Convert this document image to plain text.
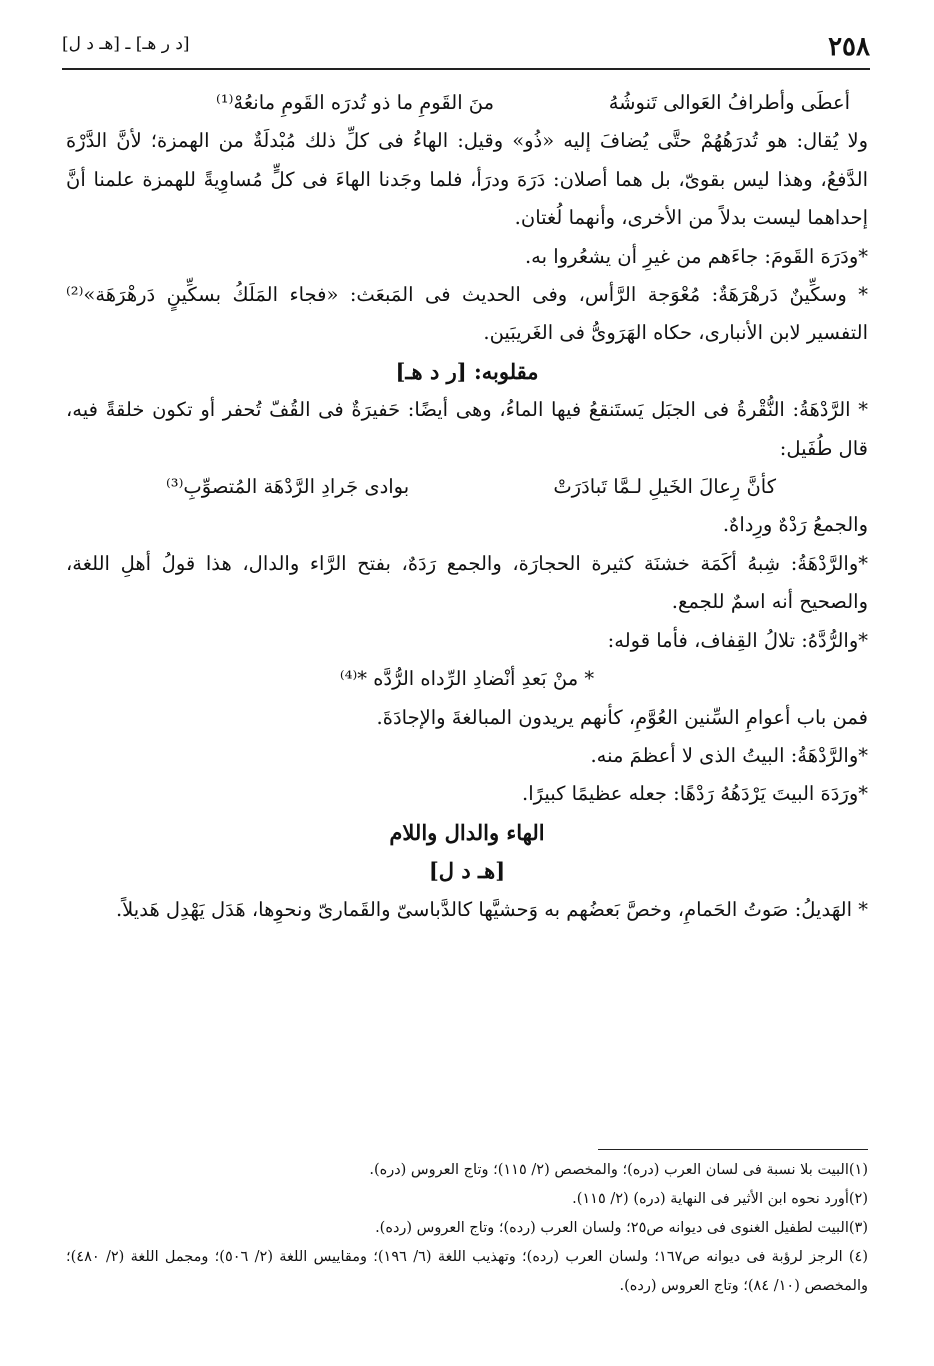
٢٥٨
[د ر هـ] ـ [هـ د ل]
أعطَى وأطرافُ العَوالى تَنوشُهُ
منَ القَومِ ما ذو تُدرَه القَومِ مانعُهْ⁽¹⁾

ولا يُقال: هو تُدرَهُهُمْ حتَّى يُضافَ إليه «ذُو» وقيل: الهاءُ فى كلِّ ذلك مُبْدلَةٌ من الهمزة؛ لأنَّ الدَّرْهَ الدَّفعُ، وهذا ليس بقوىّ، بل هما أصلان: دَرَهَ ودرَأ، فلما وجَدنا الهاءَ فى كلٍّ مُساوِيةً للهمزة علمنا أنَّ إحداهما ليست بدلاً من الأخرى، وأنهما لُغتان.

*ودَرَهَ القَومَ: جاءَهم من غيرِ أن يشعُروا به.

* وسكِّينٌ دَرهْرَهَةٌ: مُعْوَجة الرَّأس، وفى الحديث فى المَبعَث: «فجاء المَلَكُ بسكِّينٍ دَرهْرَهَة»⁽²⁾ التفسير لابن الأنبارى، حكاه الهَرَوىُّ فى الغَريبَين.

مقلوبه: [ر د هـ]

* الرَّدْهَةُ: النُّقْرةُ فى الجبَل يَستَنقعُ فيها الماءُ، وهى أيضًا: حَفيرَةٌ فى القُفّ تُحفر أو تكون خلقةً فيه، قال طُفَيل:

كأنَّ رِعالَ الخَيلِ لـمَّا تَبادَرَتْ
بوادى جَرادِ الرَّدْهَة المُتصوِّبِ⁽³⁾

والجمعُ رَدْهٌ ورِداهٌ.

*والرَّدْهَةُ: شِبهُ أكَمَة خشنَة كثيرة الحجارَة، والجمع رَدَهٌ، بفتح الرَّاء والدال، هذا قولُ أهلِ اللغة، والصحيح أنه اسمٌ للجمع.

*والرُّدَّهُ: تلالُ القِفاف، فأما قوله:

* منْ بَعدِ أنْضادِ الرِّداه الرُّدَّه *⁽⁴⁾

فمن باب أعوامِ السِّنين العُوَّمِ، كأنهم يريدون المبالغةَ والإجادَةَ.

*والرَّدْهَةُ: البيتُ الذى لا أعظمَ منه.

*ورَدَهَ البيتَ يَرْدَهُهُ رَدْهًا: جعله عظيمًا كبيرًا.

الهاء والدال واللام

[هـ د ل]

* الهَديلُ: صَوتُ الحَمامِ، وخصَّ بَعضُهم به وَحشيَّها كالدَّباسىّ والقَمارىّ ونحوِها، هَدَل يَهْدِل هَديلاً.

(١)البيت بلا نسبة فى لسان العرب (دره)؛ والمخصص (٢/ ١١٥)؛ وتاج العروس (دره).

(٢)أورد نحوه ابن الأثير فى النهاية (دره) (٢/ ١١٥).

(٣)البيت لطفيل الغنوى فى ديوانه ص٢٥؛ ولسان العرب (رده)؛ وتاج العروس (رده).

(٤) الرجز لرؤبة فى ديوانه ص١٦٧؛ ولسان العرب (رده)؛ وتهذيب اللغة (٦/ ١٩٦)؛ ومقاييس اللغة (٢/ ٥٠٦)؛ ومجمل اللغة (٢/ ٤٨٠)؛ والمخصص (١٠/ ٨٤)؛ وتاج العروس (رده).
